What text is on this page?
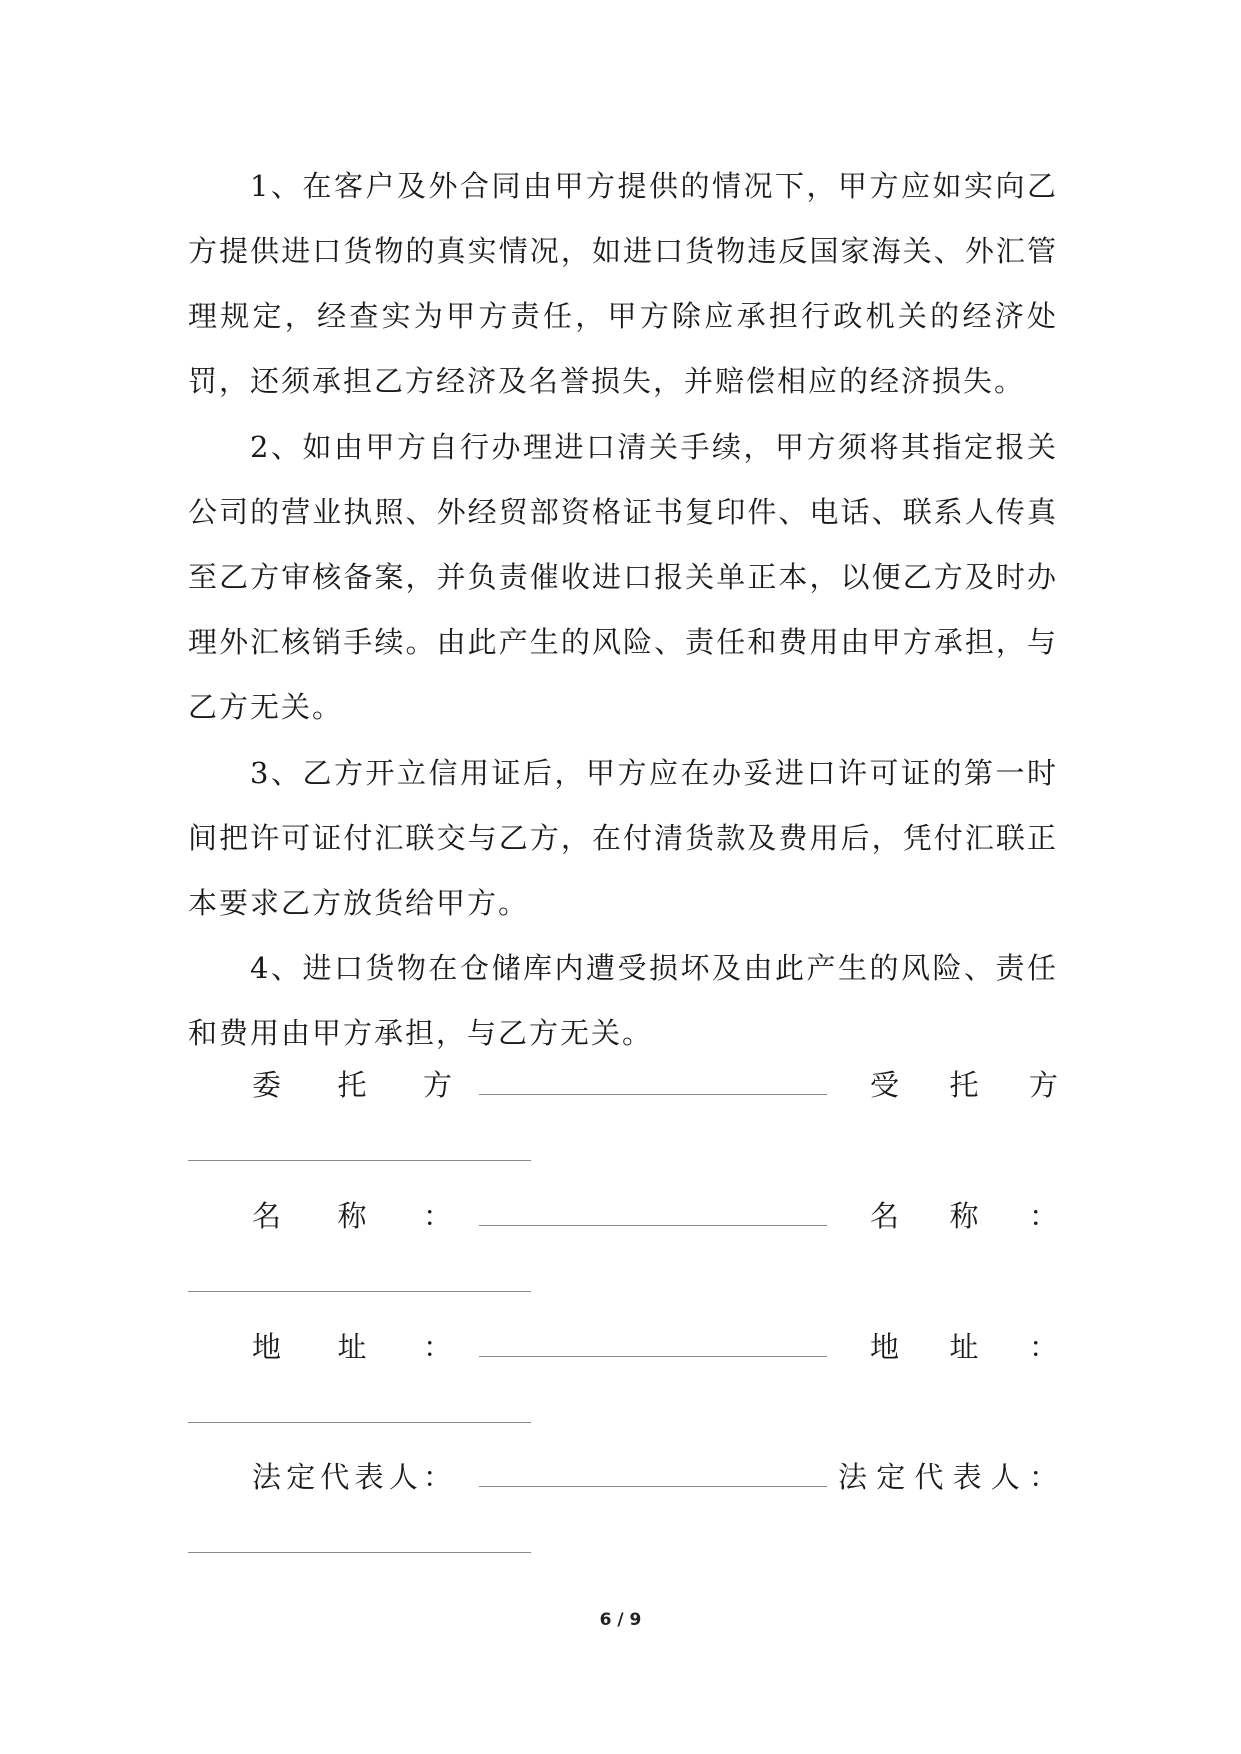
1、在客户及外合同由甲方提供的情况下，甲方应如实向乙方提供进口货物的真实情况，如进口货物违反国家海关、外汇管理规定，经查实为甲方责任，甲方除应承担行政机关的经济处罚，还须承担乙方经济及名誉损失，并赔偿相应的经济损失。

2、如由甲方自行办理进口清关手续，甲方须将其指定报关公司的营业执照、外经贸部资格证书复印件、电话、联系人传真至乙方审核备案，并负责催收进口报关单正本，以便乙方及时办理外汇核销手续。由此产生的风险、责任和费用由甲方承担，与乙方无关。

3、乙方开立信用证后，甲方应在办妥进口许可证的第一时间把许可证付汇联交与乙方，在付清货款及费用后，凭付汇联正本要求乙方放货给甲方。

4、进口货物在仓储库内遭受损坏及由此产生的风险、责任和费用由甲方承担，与乙方无关。

委 托 方	受 托 方
名 称 ：	名 称 ：
地 址 ：	地 址 ：
法 定 代 表 人 ：	法 定 代 表 人 ：
6 / 9
